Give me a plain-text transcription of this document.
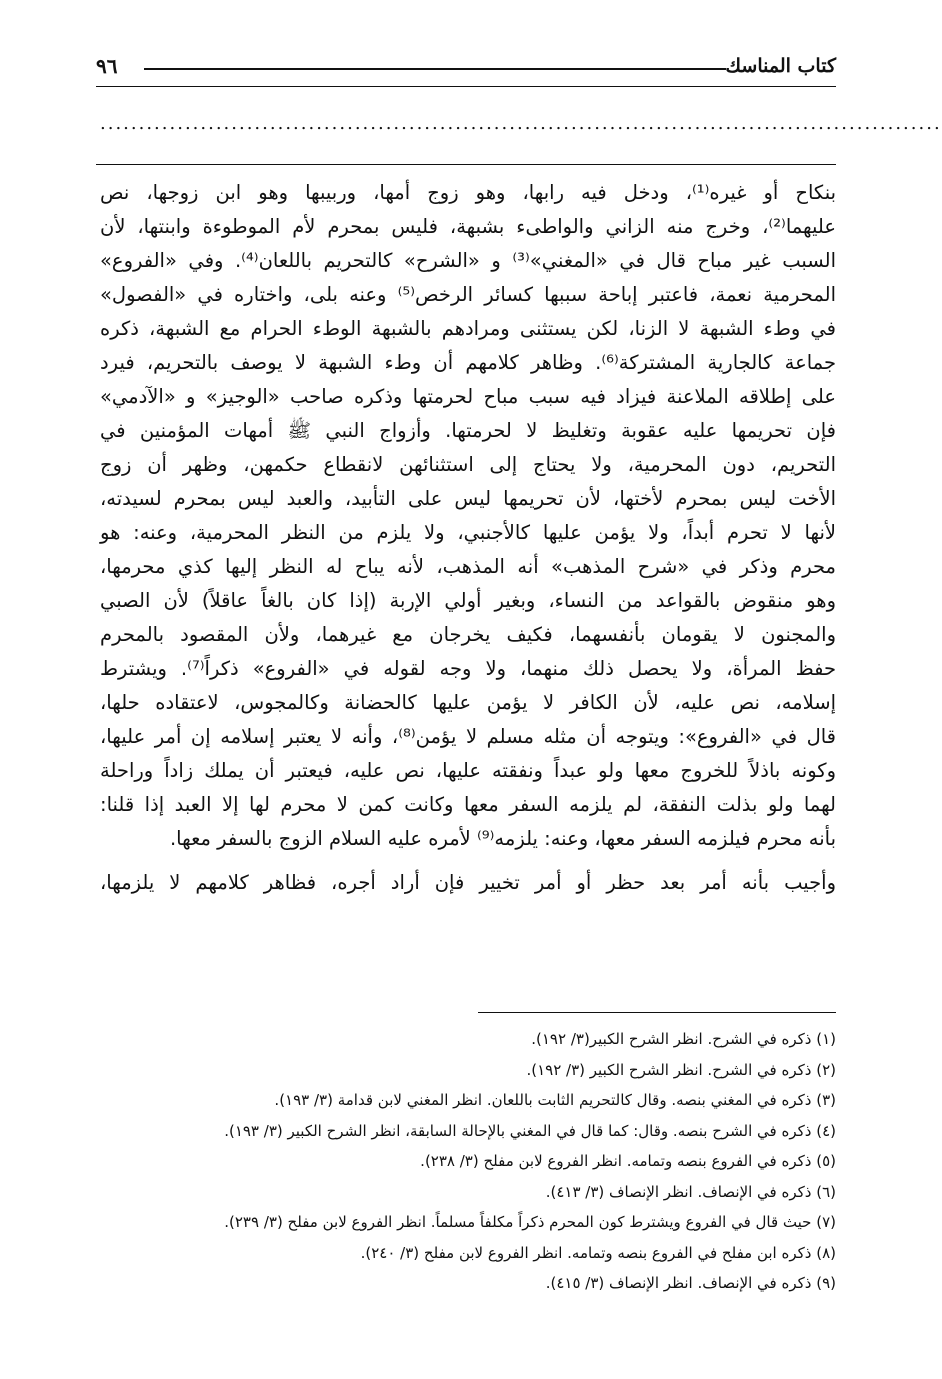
كتاب المناسك
٩٦
.............................................................................................................
بنكاح أو غيره⁽¹⁾، ودخل فيه رابها، وهو زوج أمها، وربيبها وهو ابن زوجها، نص
عليهما⁽²⁾، وخرج منه الزاني والواطىء بشبهة، فليس بمحرم لأم الموطوءة وابنتها، لأن
السبب غير مباح قال في «المغني»⁽³⁾ و «الشرح» كالتحريم باللعان⁽⁴⁾. وفي «الفروع»
المحرمية نعمة، فاعتبر إباحة سببها كسائر الرخص⁽⁵⁾ وعنه بلى، واختاره في «الفصول»
في وطء الشبهة لا الزنا، لكن يستثنى ومرادهم بالشبهة الوطء الحرام مع الشبهة، ذكره
جماعة كالجارية المشتركة⁽⁶⁾. وظاهر كلامهم أن وطء الشبهة لا يوصف بالتحريم، فيرد
على إطلاقه الملاعنة فيزاد فيه سبب مباح لحرمتها وذكره صاحب «الوجيز» و «الآدمي»
فإن تحريمها عليه عقوبة وتغليظ لا لحرمتها. وأزواج النبي ﷺ أمهات المؤمنين في
التحريم، دون المحرمية، ولا يحتاج إلى استثنائهن لانقطاع حكمهن، وظهر أن زوج
الأخت ليس بمحرم لأختها، لأن تحريمها ليس على التأبيد، والعبد ليس بمحرم لسيدته،
لأنها لا تحرم أبداً، ولا يؤمن عليها كالأجنبي، ولا يلزم من النظر المحرمية، وعنه: هو
محرم وذكر في «شرح المذهب» أنه المذهب، لأنه يباح له النظر إليها كذي محرمها،
وهو منقوض بالقواعد من النساء، وبغير أولي الإربة (إذا كان بالغاً عاقلاً) لأن الصبي
والمجنون لا يقومان بأنفسهما، فكيف يخرجان مع غيرهما، ولأن المقصود بالمحرم
حفظ المرأة، ولا يحصل ذلك منهما، ولا وجه لقوله في «الفروع» ذكراً⁽⁷⁾. ويشترط
إسلامه، نص عليه، لأن الكافر لا يؤمن عليها كالحضانة وكالمجوس، لاعتقاده حلها،
قال في «الفروع»: ويتوجه أن مثله مسلم لا يؤمن⁽⁸⁾، وأنه لا يعتبر إسلامه إن أمر عليها،
وكونه باذلاً للخروج معها ولو عبداً ونفقته عليها، نص عليه، فيعتبر أن يملك زاداً وراحلة
لهما ولو بذلت النفقة، لم يلزمه السفر معها وكانت كمن لا محرم لها إلا العبد إذا قلنا:
بأنه محرم فيلزمه السفر معها، وعنه: يلزمه⁽⁹⁾ لأمره عليه السلام الزوج بالسفر معها.
وأجيب بأنه أمر بعد حظر أو أمر تخيير فإن أراد أجره، فظاهر كلامهم لا يلزمها،
(١) ذكره في الشرح. انظر الشرح الكبير(٣/ ١٩٢).
(٢) ذكره في الشرح. انظر الشرح الكبير (٣/ ١٩٢).
(٣) ذكره في المغني بنصه. وقال كالتحريم الثابت باللعان. انظر المغني لابن قدامة (٣/ ١٩٣).
(٤) ذكره في الشرح بنصه. وقال: كما قال في المغني بالإحالة السابقة، انظر الشرح الكبير (٣/ ١٩٣).
(٥) ذكره في الفروع بنصه وتمامه. انظر الفروع لابن مفلح (٣/ ٢٣٨).
(٦) ذكره في الإنصاف. انظر الإنصاف (٣/ ٤١٣).
(٧) حيث قال في الفروع ويشترط كون المحرم ذكراً مكلفاً مسلماً. انظر الفروع لابن مفلح (٣/ ٢٣٩).
(٨) ذكره ابن مفلح في الفروع بنصه وتمامه. انظر الفروع لابن مفلح (٣/ ٢٤٠).
(٩) ذكره في الإنصاف. انظر الإنصاف (٣/ ٤١٥).
